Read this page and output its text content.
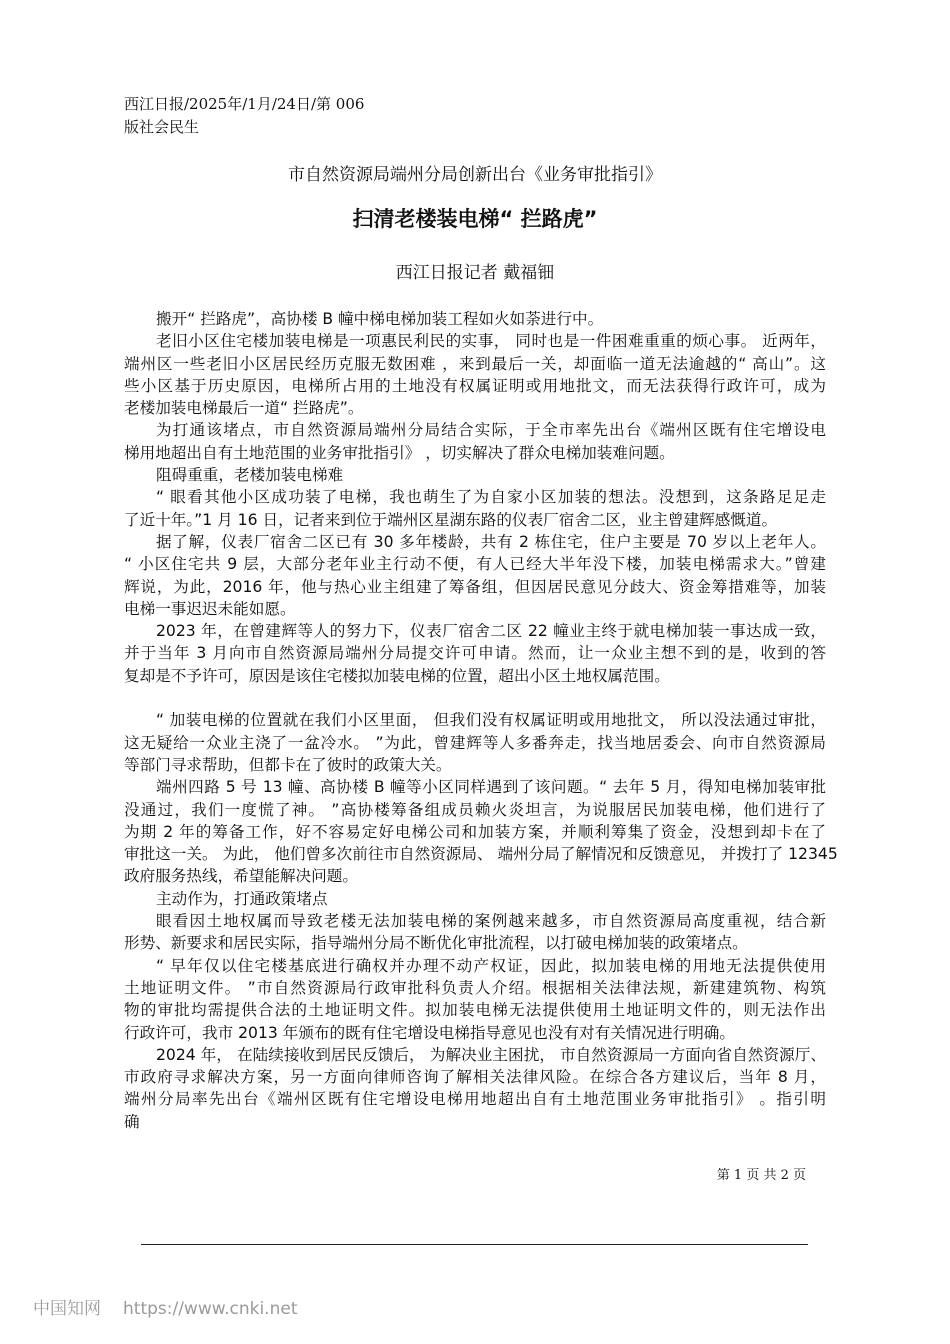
西江日报/2025年/1月/24日/第 006
版社会民生
市自然资源局端州分局创新出台《业务审批指引》
扫清老楼装电梯“ 拦路虎”
西江日报记者 戴福钿
搬开“ 拦路虎”，高协楼 B 幢中梯电梯加装工程如火如荼进行中。
老旧小区住宅楼加装电梯是一项惠民利民的实事， 同时也是一件困难重重的烦心事。 近两年，
端州区一些老旧小区居民经历克服无数困难 ，来到最后一关，却面临一道无法逾越的“ 高山”。这
些小区基于历史原因，电梯所占用的土地没有权属证明或用地批文，而无法获得行政许可，成为
老楼加装电梯最后一道“ 拦路虎”。
为打通该堵点，市自然资源局端州分局结合实际，于全市率先出台《端州区既有住宅增设电
梯用地超出自有土地范围的业务审批指引》 ，切实解决了群众电梯加装难问题。
阻碍重重，老楼加装电梯难
“ 眼看其他小区成功装了电梯，我也萌生了为自家小区加装的想法。没想到，这条路足足走
了近十年。”1 月 16 日，记者来到位于端州区星湖东路的仪表厂宿舍二区，业主曾建辉感慨道。
据了解，仪表厂宿舍二区已有 30 多年楼龄，共有 2 栋住宅，住户主要是 70 岁以上老年人。
“ 小区住宅共 9 层，大部分老年业主行动不便，有人已经大半年没下楼，加装电梯需求大。”曾建
辉说，为此，2016 年，他与热心业主组建了筹备组，但因居民意见分歧大、资金筹措难等，加装
电梯一事迟迟未能如愿。
2023 年，在曾建辉等人的努力下，仪表厂宿舍二区 22 幢业主终于就电梯加装一事达成一致，
并于当年 3 月向市自然资源局端州分局提交许可申请。然而，让一众业主想不到的是，收到的答
复却是不予许可，原因是该住宅楼拟加装电梯的位置，超出小区土地权属范围。
“ 加装电梯的位置就在我们小区里面， 但我们没有权属证明或用地批文， 所以没法通过审批，
这无疑给一众业主浇了一盆冷水。 ”为此，曾建辉等人多番奔走，找当地居委会、向市自然资源局
等部门寻求帮助，但都卡在了彼时的政策大关。
端州四路 5 号 13 幢、高协楼 B 幢等小区同样遇到了该问题。“ 去年 5 月，得知电梯加装审批
没通过，我们一度慌了神。 ”高协楼筹备组成员赖火炎坦言，为说服居民加装电梯，他们进行了
为期 2 年的筹备工作，好不容易定好电梯公司和加装方案，并顺利筹集了资金，没想到却卡在了
审批这一关。 为此， 他们曾多次前往市自然资源局、 端州分局了解情况和反馈意见， 并拨打了 12345
政府服务热线，希望能解决问题。
主动作为，打通政策堵点
眼看因土地权属而导致老楼无法加装电梯的案例越来越多，市自然资源局高度重视，结合新
形势、新要求和居民实际，指导端州分局不断优化审批流程，以打破电梯加装的政策堵点。
“ 早年仅以住宅楼基底进行确权并办理不动产权证，因此，拟加装电梯的用地无法提供使用
土地证明文件。 ”市自然资源局行政审批科负责人介绍。根据相关法律法规，新建建筑物、构筑
物的审批均需提供合法的土地证明文件。拟加装电梯无法提供使用土地证明文件的，则无法作出
行政许可，我市 2013 年颁布的既有住宅增设电梯指导意见也没有对有关情况进行明确。
2024 年， 在陆续接收到居民反馈后， 为解决业主困扰， 市自然资源局一方面向省自然资源厅、
市政府寻求解决方案，另一方面向律师咨询了解相关法律风险。在综合各方建议后，当年 8 月，
端州分局率先出台《端州区既有住宅增设电梯用地超出自有土地范围业务审批指引》 。指引明
确
第 1 页 共 2 页
中国知网 https://www.cnki.net
